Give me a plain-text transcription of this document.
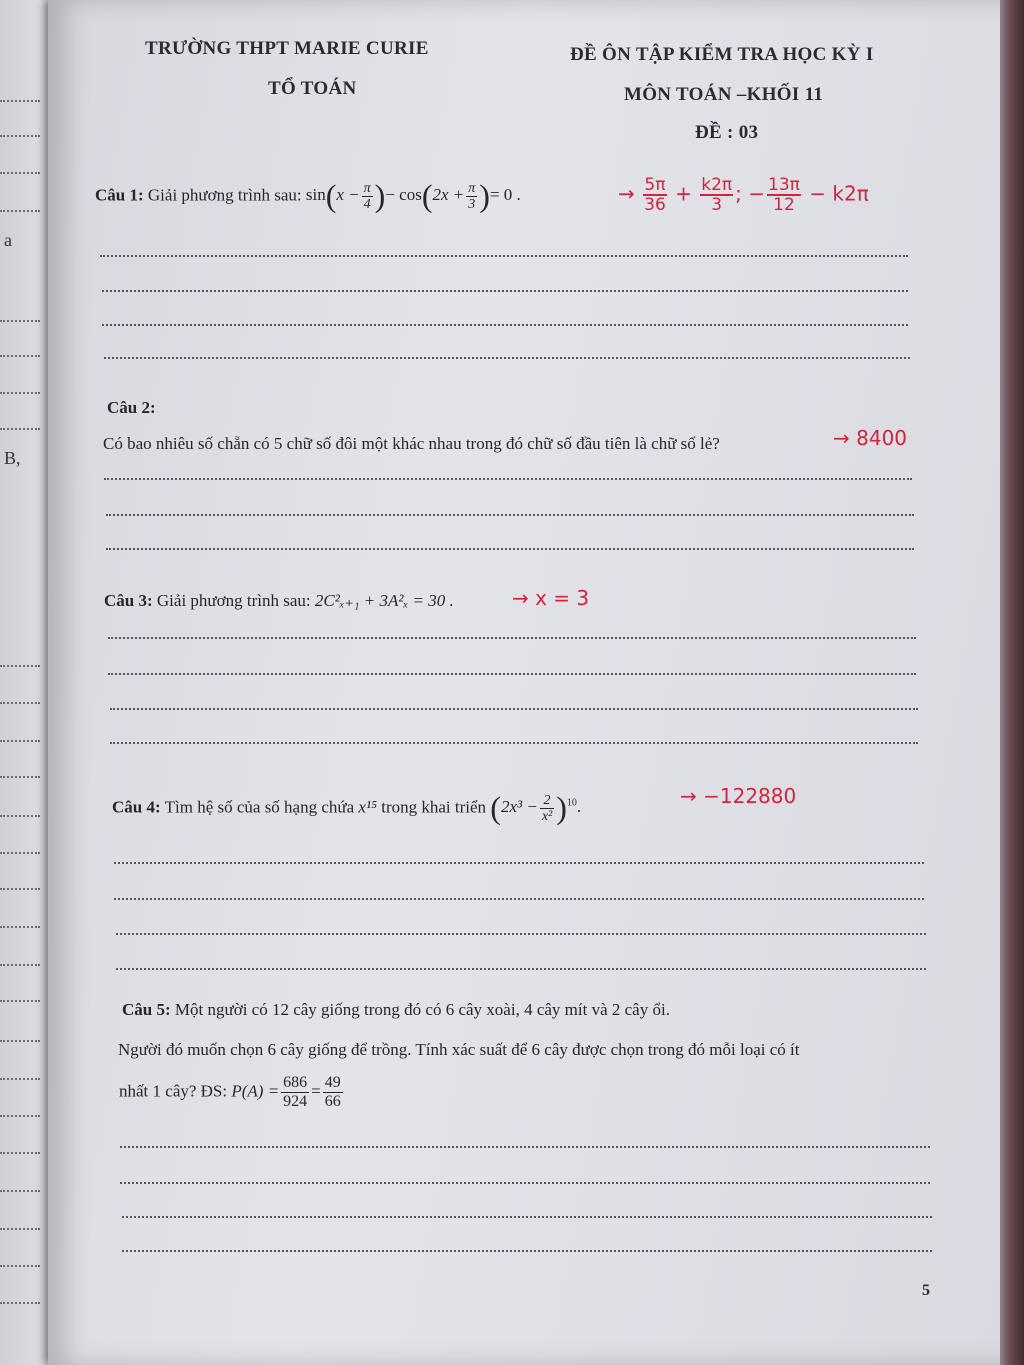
a
B,
TRƯỜNG THPT MARIE CURIE
TỔ TOÁN
ĐỀ ÔN TẬP KIỂM TRA HỌC KỲ I
MÔN TOÁN –KHỐI 11
ĐỀ : 03
Câu 1: Giải phương trình sau: $\sin(x - \frac{\pi}{4}$ )− $\cos(2x + \frac{\pi}{3}$ )= 0 .	→ $\frac{5\pi}{36} + \frac{k2\pi}{3}$ ; − $\frac{13\pi}{12} - k2\pi$
Câu 2:
Có bao nhiêu số chẵn có 5 chữ số đôi một khác nhau trong đó chữ số đầu tiên là chữ số lẻ?	→ 8400
Câu 3: Giải phương trình sau: 2C²ₓ₊₁ + 3A²ₓ = 30 .	→ x = 3
Câu 4: Tìm hệ số của số hạng chứa x¹⁵ trong khai triển $(2x^3 - \frac{2}{\text{x²}} )^{10}$.	→ −122880
Câu 5: Một người có 12 cây giống trong đó có 6 cây xoài, 4 cây mít và 2 cây ổi.
Người đó muốn chọn 6 cây giống để trồng. Tính xác suất để 6 cây được chọn trong đó mỗi loại có ít
nhất 1 cây? ĐS: $P(A) = \frac{686}{924} = \frac{49}{66}$
5
